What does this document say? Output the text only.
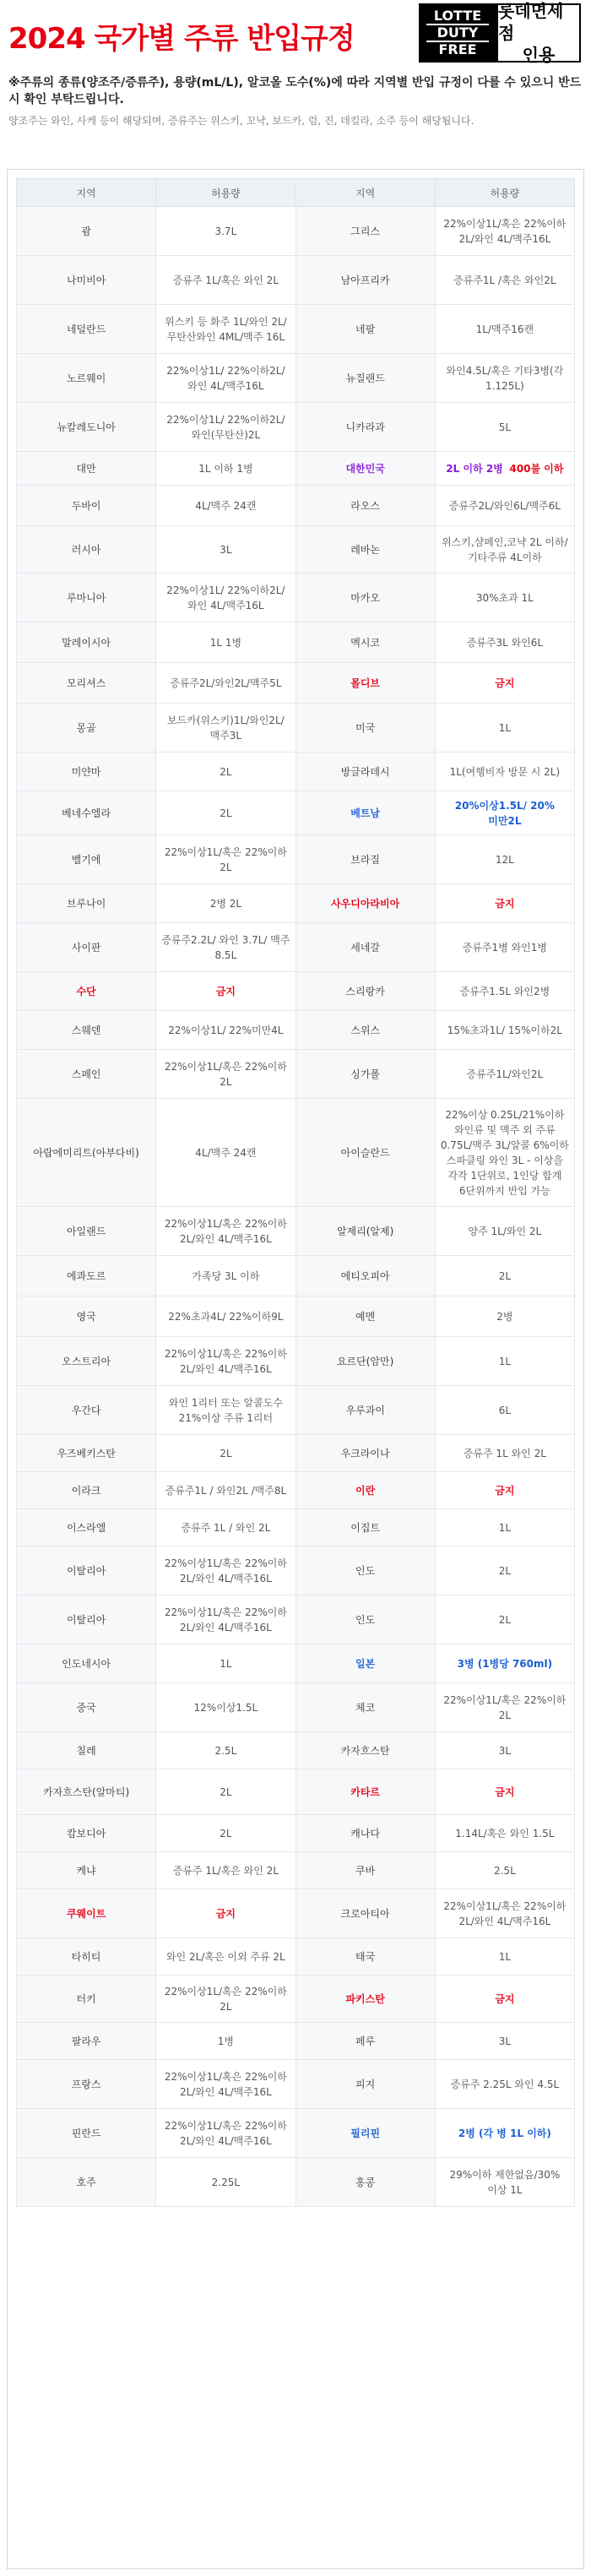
2024 국가별 주류 반입규정
LOTTE
DUTY
FREE
롯데면세점
인용

※주류의 종류(양조주/증류주), 용량(mL/L), 알코올 도수(%)에 따라 지역별 반입 규정이 다를 수 있으니 반드시 확인 부탁드립니다.

양조주는 와인, 사케 등이 해당되며, 증류주는 위스키, 꼬냑, 보드카, 럼, 진, 데킬라, 소주 등이 해당됩니다.

지역	허용량	지역	허용량
괌	3.7L	그리스	22%이상1L/혹은 22%이하 2L/와인 4L/맥주16L
나미비아	증류주 1L/혹은 와인 2L	남아프리카	증류주1L /혹은 와인2L
네덜란드	위스키 등 화주 1L/와인 2L/무탄산와인 4ML/맥주 16L	네팔	1L/맥주16캔
노르웨이	22%이상1L/ 22%이하2L/와인 4L/맥주16L	뉴질랜드	와인4.5L/혹은 기타3병(각 1.125L)
뉴칼레도니아	22%이상1L/ 22%이하2L/와인(무탄산)2L	니카라과	5L
대만	1L 이하 1병	대한민국	2L 이하 2병 400불 이하
두바이	4L/맥주 24캔	라오스	증류주2L/와인6L/맥주6L
러시아	3L	레바논	위스키,샴페인,코냑 2L 이하/ 기타주류 4L이하
루마니아	22%이상1L/ 22%이하2L/와인 4L/맥주16L	마카오	30%초과 1L
말레이시아	1L 1병	멕시코	증류주3L 와인6L
모리셔스	증류주2L/와인2L/맥주5L	몰디브	금지
몽골	보드카(위스키)1L/와인2L/맥주3L	미국	1L
미얀마	2L	방글라데시	1L(여행비자 방문 시 2L)
베네수엘라	2L	베트남	20%이상1.5L/ 20%미만2L
벨기에	22%이상1L/혹은 22%이하 2L	브라질	12L
브루나이	2병 2L	사우디아라비아	금지
사이판	증류주2.2L/ 와인 3.7L/ 맥주 8.5L	세네갈	증류주1병 와인1병
수단	금지	스리랑카	증류주1.5L 와인2병
스웨덴	22%이상1L/ 22%미만4L	스위스	15%초과1L/ 15%이하2L
스페인	22%이상1L/혹은 22%이하 2L	싱가폴	증류주1L/와인2L
아랍에미리트(아부다비)	4L/맥주 24캔	아이슬란드	22%이상 0.25L/21%이하 와인류 및 맥주 외 주류 0.75L/맥주 3L/알콜 6%이하 스파클링 와인 3L - 이상을 각각 1단위로, 1인당 합계 6단위까지 반입 가능
아일랜드	22%이상1L/혹은 22%이하 2L/와인 4L/맥주16L	알제리(알제)	양주 1L/와인 2L
에콰도르	가족당 3L 이하	에티오피아	2L
영국	22%초과4L/ 22%이하9L	예멘	2병
오스트리아	22%이상1L/혹은 22%이하 2L/와인 4L/맥주16L	요르단(암만)	1L
우간다	와인 1리터 또는 알콜도수 21%이상 주류 1리터	우루과이	6L
우즈베키스탄	2L	우크라이나	증류주 1L 와인 2L
이라크	증류주1L / 와인2L /맥주8L	이란	금지
이스라엘	증류주 1L / 와인 2L	이집트	1L
이탈리아	22%이상1L/혹은 22%이하 2L/와인 4L/맥주16L	인도	2L
이탈리아	22%이상1L/혹은 22%이하 2L/와인 4L/맥주16L	인도	2L
인도네시아	1L	일본	3병 (1병당 760ml)
중국	12%이상1.5L	체코	22%이상1L/혹은 22%이하 2L
칠레	2.5L	카자흐스탄	3L
카자흐스탄(알마티)	2L	카타르	금지
캄보디아	2L	캐나다	1.14L/혹은 와인 1.5L
케냐	증류주 1L/혹은 와인 2L	쿠바	2.5L
쿠웨이트	금지	크로아티아	22%이상1L/혹은 22%이하 2L/와인 4L/맥주16L
타히티	와인 2L/혹은 이외 주류 2L	태국	1L
터키	22%이상1L/혹은 22%이하 2L	파키스탄	금지
팔라우	1병	페루	3L
프랑스	22%이상1L/혹은 22%이하 2L/와인 4L/맥주16L	피지	증류주 2.25L 와인 4.5L
핀란드	22%이상1L/혹은 22%이하 2L/와인 4L/맥주16L	필리핀	2병 (각 병 1L 이하)
호주	2.25L	홍콩	29%이하 제한없음/30%이상 1L
